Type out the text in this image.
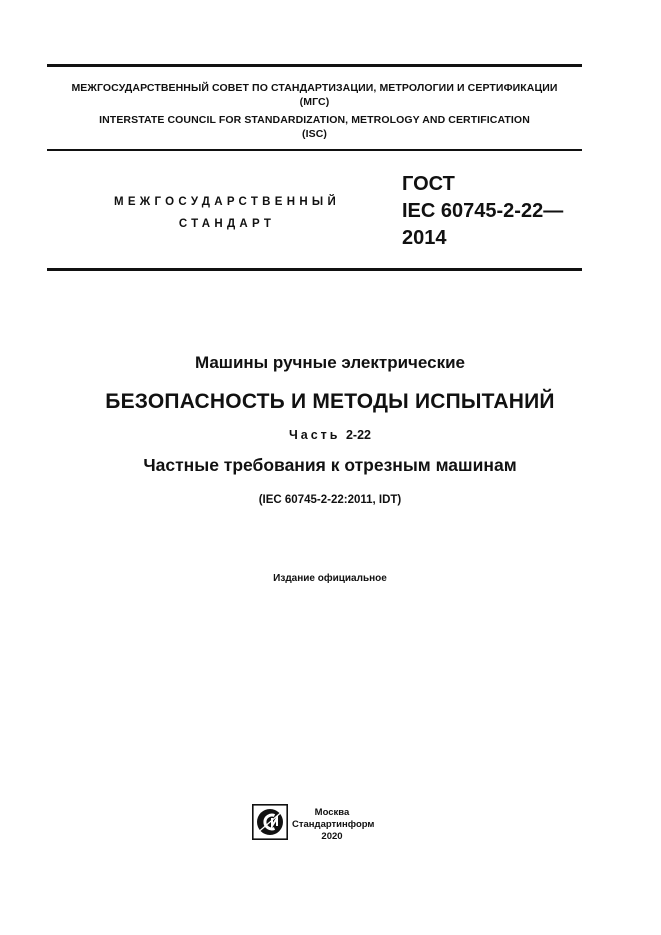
МЕЖГОСУДАРСТВЕННЫЙ СОВЕТ ПО СТАНДАРТИЗАЦИИ, МЕТРОЛОГИИ И СЕРТИФИКАЦИИ
(МГС)
INTERSTATE COUNCIL FOR STANDARDIZATION, METROLOGY AND CERTIFICATION
(ISC)
МЕЖГОСУДАРСТВЕННЫЙ
СТАНДАРТ
ГОСТ
IEC 60745-2-22—
2014
Машины ручные электрические
БЕЗОПАСНОСТЬ И МЕТОДЫ ИСПЫТАНИЙ
Часть 2-22
Частные требования к отрезным машинам
(IEC 60745-2-22:2011, IDT)
Издание официальное
Москва
Стандартинформ
2020
